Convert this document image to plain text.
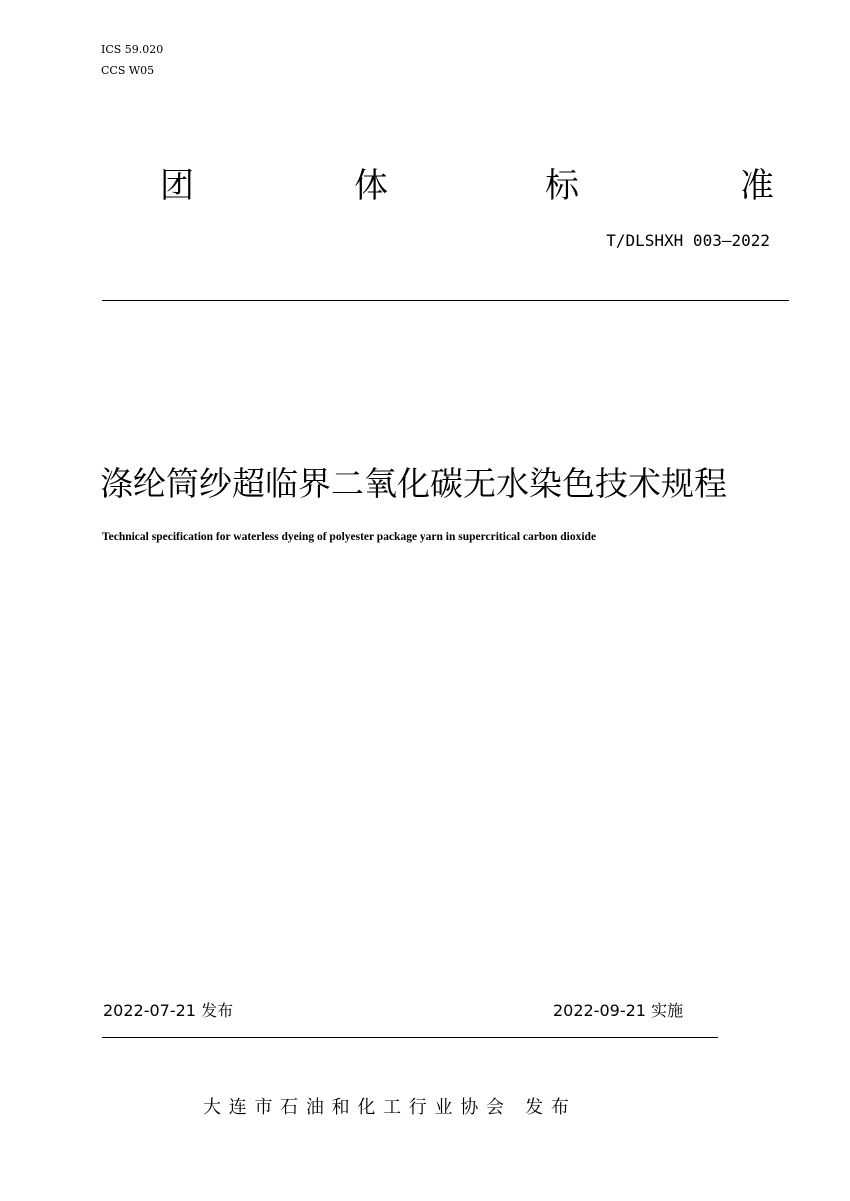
ICS 59.020
CCS W05
团	体	标	准
T/DLSHXH 003—2022
涤纶筒纱超临界二氧化碳无水染色技术规程
Technical specification for waterless dyeing of polyester package yarn in supercritical carbon dioxide
2022-07-21 发布	2022-09-21 实施
大 连 市 石 油 和 化 工 行 业 协 会   发 布
